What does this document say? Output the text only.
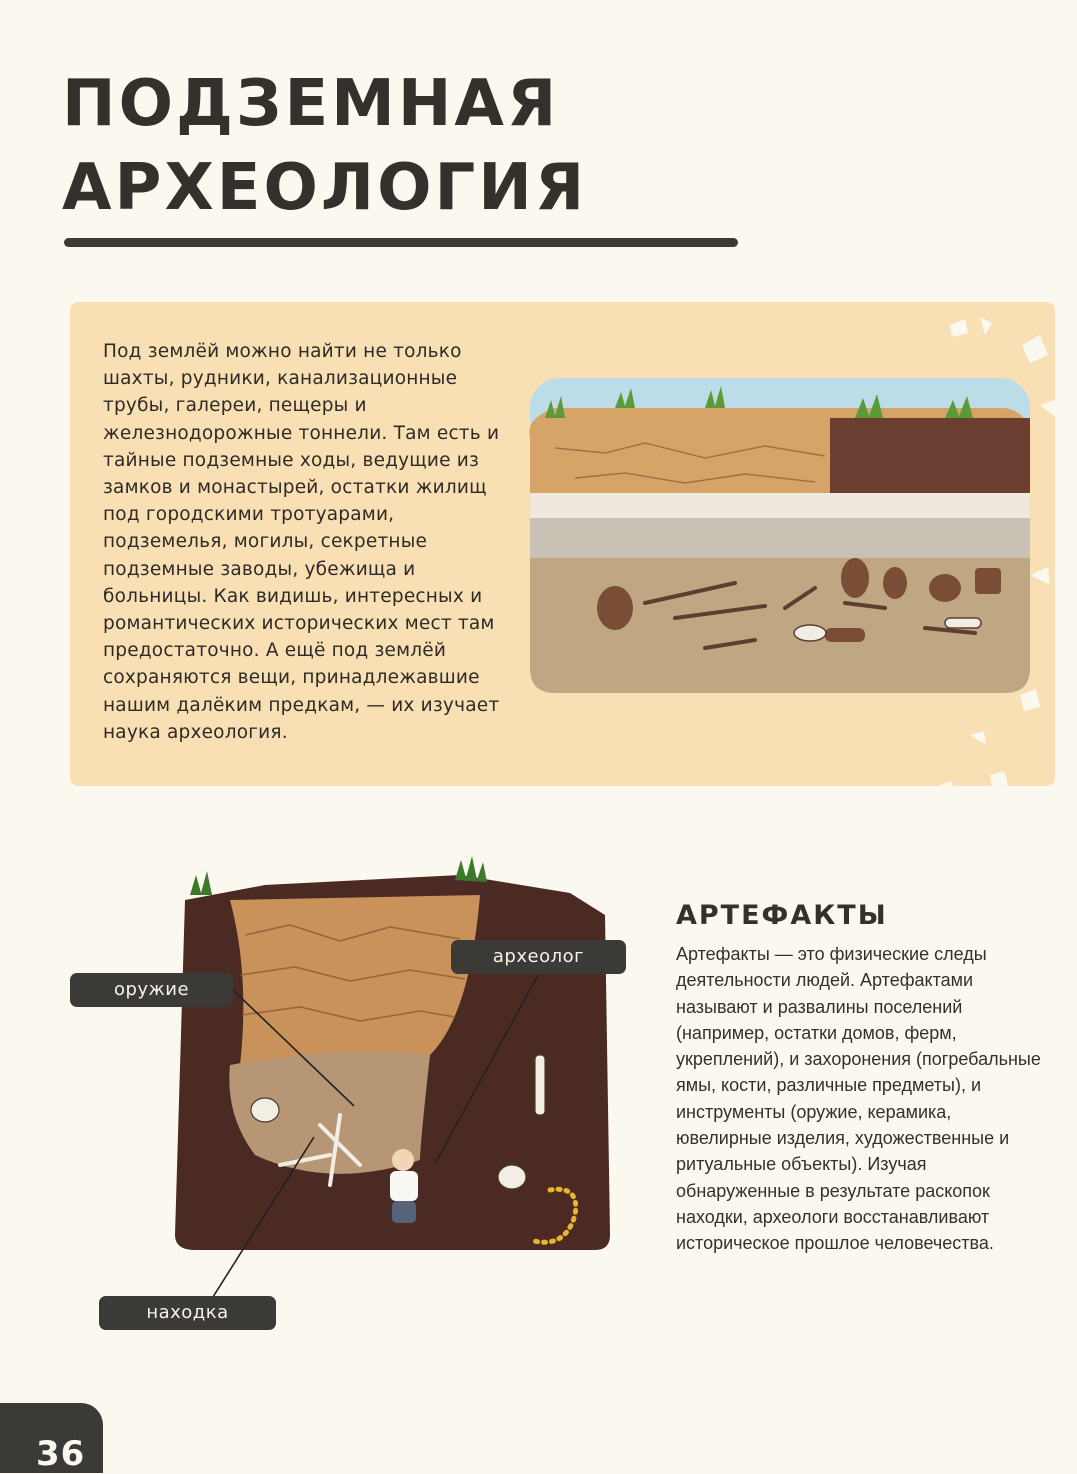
ПОДЗЕМНАЯ
АРХЕОЛОГИЯ

Под землёй можно найти не только шахты, рудники, канализационные трубы, галереи, пещеры и железнодорожные тоннели. Там есть и тайные подземные ходы, ведущие из замков и монастырей, остатки жилищ под городскими тротуарами, подземелья, могилы, секретные подземные заводы, убежища и больницы. Как видишь, интересных и романтических исторических мест там предостаточно. А ещё под землёй сохраняются вещи, принадлежавшие нашим далёким предкам, — их изучает наука археология.

оружие
археолог
находка
АРТЕФАКТЫ

Артефакты — это физические следы деятельности людей. Артефактами называют и развалины поселений (например, остатки домов, ферм, укреплений), и захоронения (погребальные ямы, кости, различные предметы), и инструменты (оружие, керамика, ювелирные изделия, художественные и ритуальные объекты). Изучая обнаруженные в результате раскопок находки, археологи восстанавливают историческое прошлое человечества.

36
